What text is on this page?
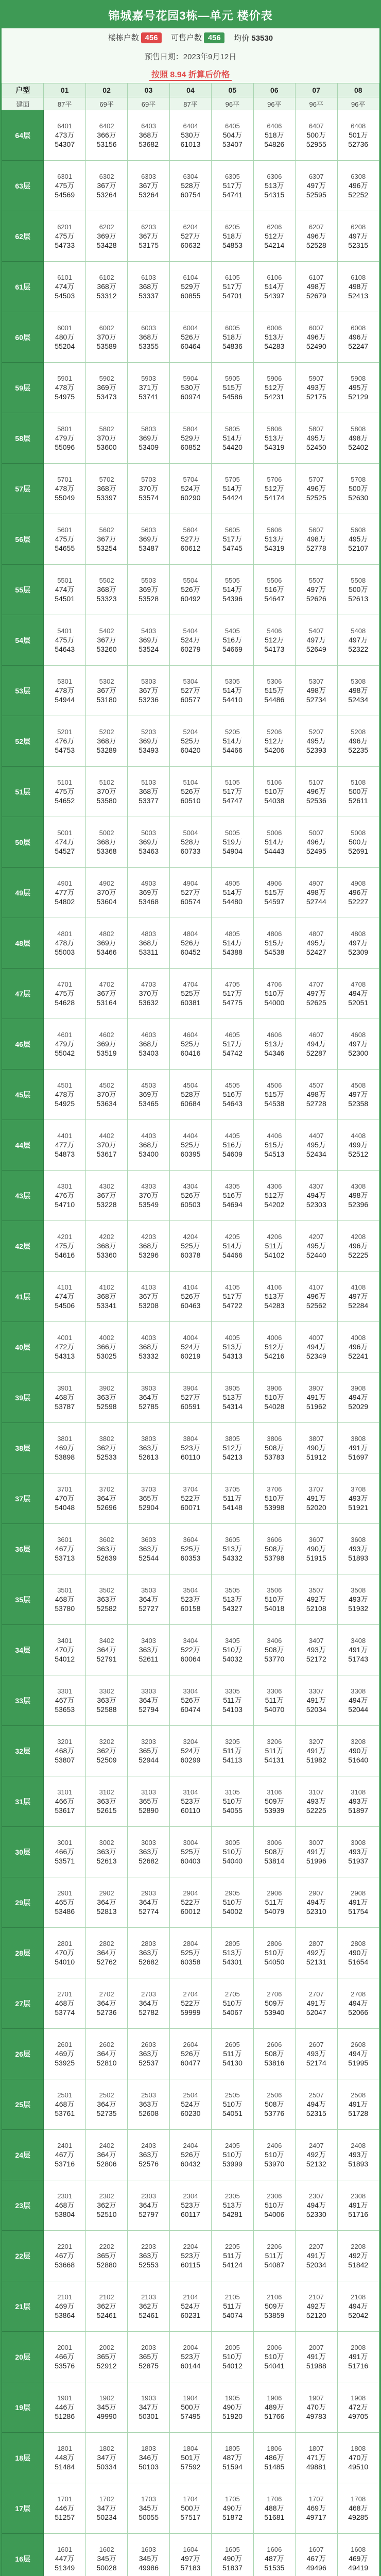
锦城嘉号花园3栋—单元 楼价表
楼栋户数 456	可售户数 456	均价 53530
预售日期：2023年9月12日
按照 8.94 折算后价格
户型	01	02	03	04	05	06	07	08
建面	87平	69平	69平	87平	96平	96平	96平	96平
64层	6401
473万
54307	6402
366万
53156	6403
368万
53682	6404
530万
61013	6405
504万
53407	6406
518万
54826	6407
500万
52955	6408
501万
52736

63层	6301
475万
54569	6302
367万
53264	6303
367万
53264	6304
528万
60754	6305
517万
54741	6306
513万
54315	6307
497万
52595	6308
496万
52252

62层	6201
475万
54733	6202
369万
53428	6203
367万
53175	6204
527万
60632	6205
518万
54853	6206
512万
54214	6207
496万
52528	6208
497万
52315

61层	6101
474万
54503	6102
368万
53312	6103
368万
53337	6104
529万
60855	6105
517万
54701	6106
514万
54397	6107
498万
52679	6108
498万
52413

60层	6001
480万
55204	6002
370万
53589	6003
368万
53355	6004
526万
60464	6005
518万
54836	6006
513万
54283	6007
496万
52490	6008
496万
52247

59层	5901
478万
54975	5902
369万
53473	5903
371万
53741	5904
530万
60974	5905
515万
54586	5906
512万
54231	5907
493万
52175	5908
495万
52129

58层	5801
479万
55096	5802
370万
53600	5803
369万
53409	5804
529万
60852	5805
514万
54420	5806
513万
54319	5807
495万
52450	5808
498万
52402

57层	5701
478万
55049	5702
368万
53397	5703
370万
53574	5704
524万
60290	5705
514万
54424	5706
512万
54174	5707
496万
52525	5708
500万
52630

56层	5601
475万
54655	5602
367万
53254	5603
369万
53487	5604
527万
60612	5605
517万
54745	5606
513万
54319	5607
498万
52778	5608
495万
52107

55层	5501
474万
54501	5502
368万
53323	5503
369万
53528	5504
526万
60492	5505
514万
54396	5506
516万
54647	5507
497万
52626	5508
500万
52613

54层	5401
475万
54643	5402
367万
53260	5403
369万
53524	5404
524万
60279	5405
516万
54669	5406
512万
54173	5407
497万
52649	5408
497万
52322

53层	5301
478万
54944	5302
367万
53180	5303
367万
53236	5304
527万
60577	5305
514万
54410	5306
515万
54486	5307
498万
52734	5308
498万
52434

52层	5201
476万
54753	5202
368万
53289	5203
369万
53493	5204
525万
60420	5205
514万
54466	5206
512万
54206	5207
495万
52393	5208
496万
52235

51层	5101
475万
54652	5102
370万
53580	5103
368万
53377	5104
526万
60510	5105
517万
54747	5106
510万
54038	5107
496万
52536	5108
500万
52611

50层	5001
474万
54527	5002
368万
53368	5003
369万
53463	5004
528万
60733	5005
519万
54904	5006
514万
54443	5007
496万
52495	5008
500万
52691

49层	4901
477万
54802	4902
370万
53604	4903
369万
53468	4904
527万
60574	4905
514万
54480	4906
515万
54597	4907
498万
52744	4908
496万
52227

48层	4801
478万
55003	4802
369万
53466	4803
368万
53311	4804
526万
60452	4805
514万
54388	4806
515万
54538	4807
495万
52427	4808
497万
52309

47层	4701
475万
54628	4702
367万
53164	4703
370万
53632	4704
525万
60381	4705
517万
54775	4706
510万
54000	4707
497万
52625	4708
494万
52051

46层	4601
479万
55042	4602
369万
53519	4603
368万
53403	4604
525万
60416	4605
517万
54742	4606
513万
54346	4607
494万
52287	4608
497万
52300

45层	4501
478万
54925	4502
370万
53634	4503
369万
53465	4504
528万
60684	4505
516万
54643	4506
515万
54538	4507
498万
52728	4508
497万
52358

44层	4401
477万
54873	4402
370万
53617	4403
368万
53400	4404
525万
60395	4405
516万
54609	4406
515万
54513	4407
495万
52434	4408
499万
52512

43层	4301
476万
54710	4302
367万
53228	4303
370万
53549	4304
526万
60503	4305
516万
54694	4306
512万
54202	4307
494万
52303	4308
498万
52396

42层	4201
475万
54616	4202
368万
53360	4203
368万
53296	4204
525万
60378	4205
514万
54466	4206
511万
54102	4207
495万
52440	4208
496万
52225

41层	4101
474万
54506	4102
368万
53341	4103
367万
53208	4104
526万
60463	4105
517万
54722	4106
513万
54283	4107
496万
52562	4108
497万
52284

40层	4001
472万
54313	4002
366万
53025	4003
368万
53332	4004
524万
60219	4005
513万
54313	4006
512万
54216	4007
494万
52349	4008
496万
52241

39层	3901
468万
53787	3902
363万
52598	3903
364万
52785	3904
527万
60591	3905
513万
54314	3906
510万
54028	3907
491万
51962	3908
494万
52029

38层	3801
469万
53898	3802
362万
52533	3803
363万
52613	3804
523万
60110	3805
512万
54213	3806
508万
53783	3807
490万
51912	3808
491万
51697

37层	3701
470万
54048	3702
364万
52696	3703
365万
52904	3704
522万
60071	3705
511万
54148	3706
510万
53998	3707
491万
52020	3708
493万
51921

36层	3601
467万
53713	3602
363万
52639	3603
363万
52544	3604
525万
60353	3605
513万
54332	3606
508万
53798	3607
490万
51915	3608
493万
51893

35层	3501
468万
53780	3502
363万
52582	3503
364万
52727	3504
523万
60158	3505
513万
54327	3506
510万
54018	3507
492万
52108	3508
493万
51932

34层	3401
470万
54012	3402
364万
52791	3403
363万
52611	3404
522万
60064	3405
510万
54032	3406
508万
53770	3407
493万
52172	3408
491万
51743

33层	3301
467万
53653	3302
363万
52588	3303
364万
52794	3304
526万
60474	3305
511万
54103	3306
511万
54070	3307
491万
52034	3308
494万
52044

32层	3201
468万
53807	3202
362万
52509	3203
365万
52944	3204
524万
60299	3205
511万
54113	3206
511万
54131	3207
491万
51982	3208
490万
51640

31层	3101
466万
53617	3102
363万
52615	3103
365万
52890	3104
523万
60110	3105
510万
54055	3106
509万
53939	3107
493万
52225	3108
493万
51897

30层	3001
466万
53571	3002
363万
52613	3003
363万
52682	3004
525万
60403	3005
510万
54040	3006
508万
53814	3007
491万
51996	3008
493万
51937

29层	2901
465万
53486	2902
364万
52813	2903
364万
52774	2904
522万
60012	2905
510万
54002	2906
511万
54079	2907
494万
52310	2908
491万
51754

28层	2801
470万
54010	2802
364万
52762	2803
363万
52682	2804
525万
60358	2805
513万
54301	2806
510万
54050	2807
492万
52131	2808
490万
51654

27层	2701
468万
53774	2702
364万
52736	2703
364万
52782	2704
522万
59999	2705
510万
54067	2706
509万
53940	2707
491万
52047	2708
494万
52066

26层	2601
469万
53925	2602
364万
52810	2603
363万
52537	2604
526万
60477	2605
511万
54130	2606
508万
53816	2607
493万
52174	2608
494万
51995

25层	2501
468万
53761	2502
364万
52735	2503
363万
52608	2504
524万
60230	2505
510万
54051	2506
508万
53776	2507
494万
52315	2508
491万
51728

24层	2401
467万
53716	2402
364万
52806	2403
363万
52576	2404
526万
60432	2405
510万
53999	2406
510万
53970	2407
492万
52132	2408
493万
51893

23层	2301
468万
53804	2302
362万
52510	2303
364万
52797	2304
523万
60117	2305
513万
54281	2306
510万
54006	2307
494万
52330	2308
491万
51716

22层	2201
467万
53668	2202
365万
52880	2203
363万
52553	2204
523万
60115	2205
511万
54124	2206
511万
54087	2207
491万
52034	2208
492万
51842

21层	2101
469万
53864	2102
362万
52461	2103
362万
52461	2104
524万
60231	2105
511万
54074	2106
509万
53859	2107
492万
52120	2108
494万
52042

20层	2001
466万
53576	2002
365万
52912	2003
365万
52875	2004
523万
60144	2005
510万
54012	2006
510万
54041	2007
491万
51988	2008
491万
51716

19层	1901
446万
51286	1902
345万
49990	1903
347万
50301	1904
500万
57495	1905
490万
51920	1906
489万
51766	1907
470万
49783	1908
472万
49705

18层	1801
448万
51484	1802
347万
50334	1803
346万
50103	1804
501万
57592	1805
487万
51594	1806
486万
51485	1807
471万
49881	1808
470万
49510

17层	1701
446万
51257	1702
347万
50234	1703
345万
50055	1704
500万
57517	1705
490万
51872	1706
488万
51681	1707
469万
49717	1708
468万
49285

16层	1601
447万
51349	1602
345万
50028	1603
345万
49986	1604
497万
57183	1605
490万
51837	1606
487万
51535	1607
467万
49496	1608
469万
49419
